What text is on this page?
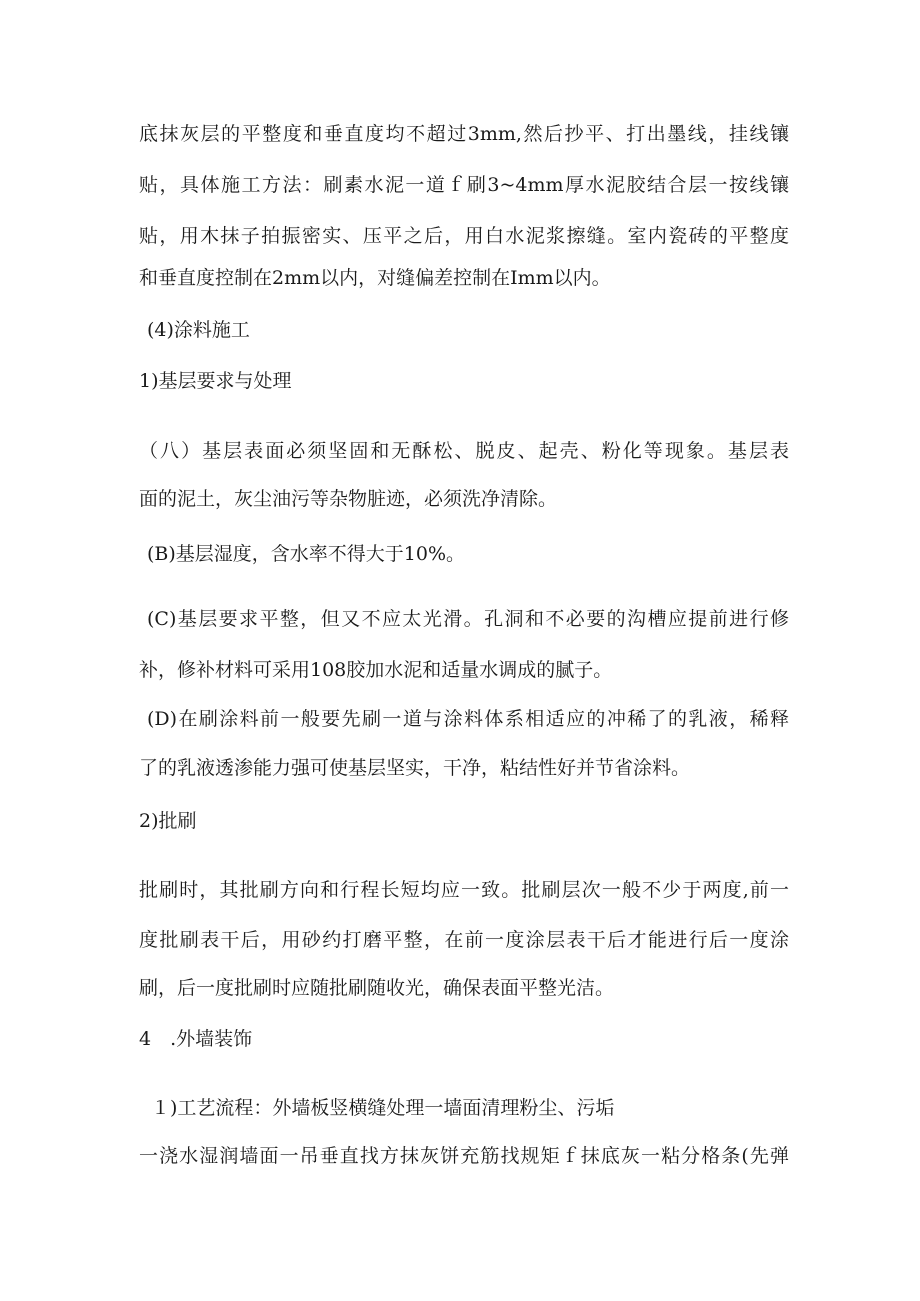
底抹灰层的平整度和垂直度均不超过3mm,然后抄平、打出墨线，挂线镶
贴，具体施工方法：刷素水泥一道ｆ刷3~4mm厚水泥胶结合层一按线镶
贴，用木抹子拍振密实、压平之后，用白水泥浆擦缝。室内瓷砖的平整度
和垂直度控制在2mm以内，对缝偏差控制在Imm以内。
(4)涂料施工
1)基层要求与处理
（八）基层表面必须坚固和无酥松、脱皮、起壳、粉化等现象。基层表
面的泥土，灰尘油污等杂物脏迹，必须洗净清除。
(B)基层湿度，含水率不得大于10%。
(C)基层要求平整，但又不应太光滑。孔洞和不必要的沟槽应提前进行修
补，修补材料可采用108胶加水泥和适量水调成的腻子。
(D)在刷涂料前一般要先刷一道与涂料体系相适应的冲稀了的乳液，稀释
了的乳液透渗能力强可使基层坚实，干净，粘结性好并节省涂料。
2)批刷
批刷时，其批刷方向和行程长短均应一致。批刷层次一般不少于两度,前一
度批刷表干后，用砂约打磨平整，在前一度涂层表干后才能进行后一度涂
刷，后一度批刷时应随批刷随收光，确保表面平整光洁。
4　.外墙装饰
１)工艺流程：外墙板竖横缝处理一墙面清理粉尘、污垢
一浇水湿润墙面一吊垂直找方抹灰饼充筋找规矩ｆ抹底灰一粘分格条(先弹
